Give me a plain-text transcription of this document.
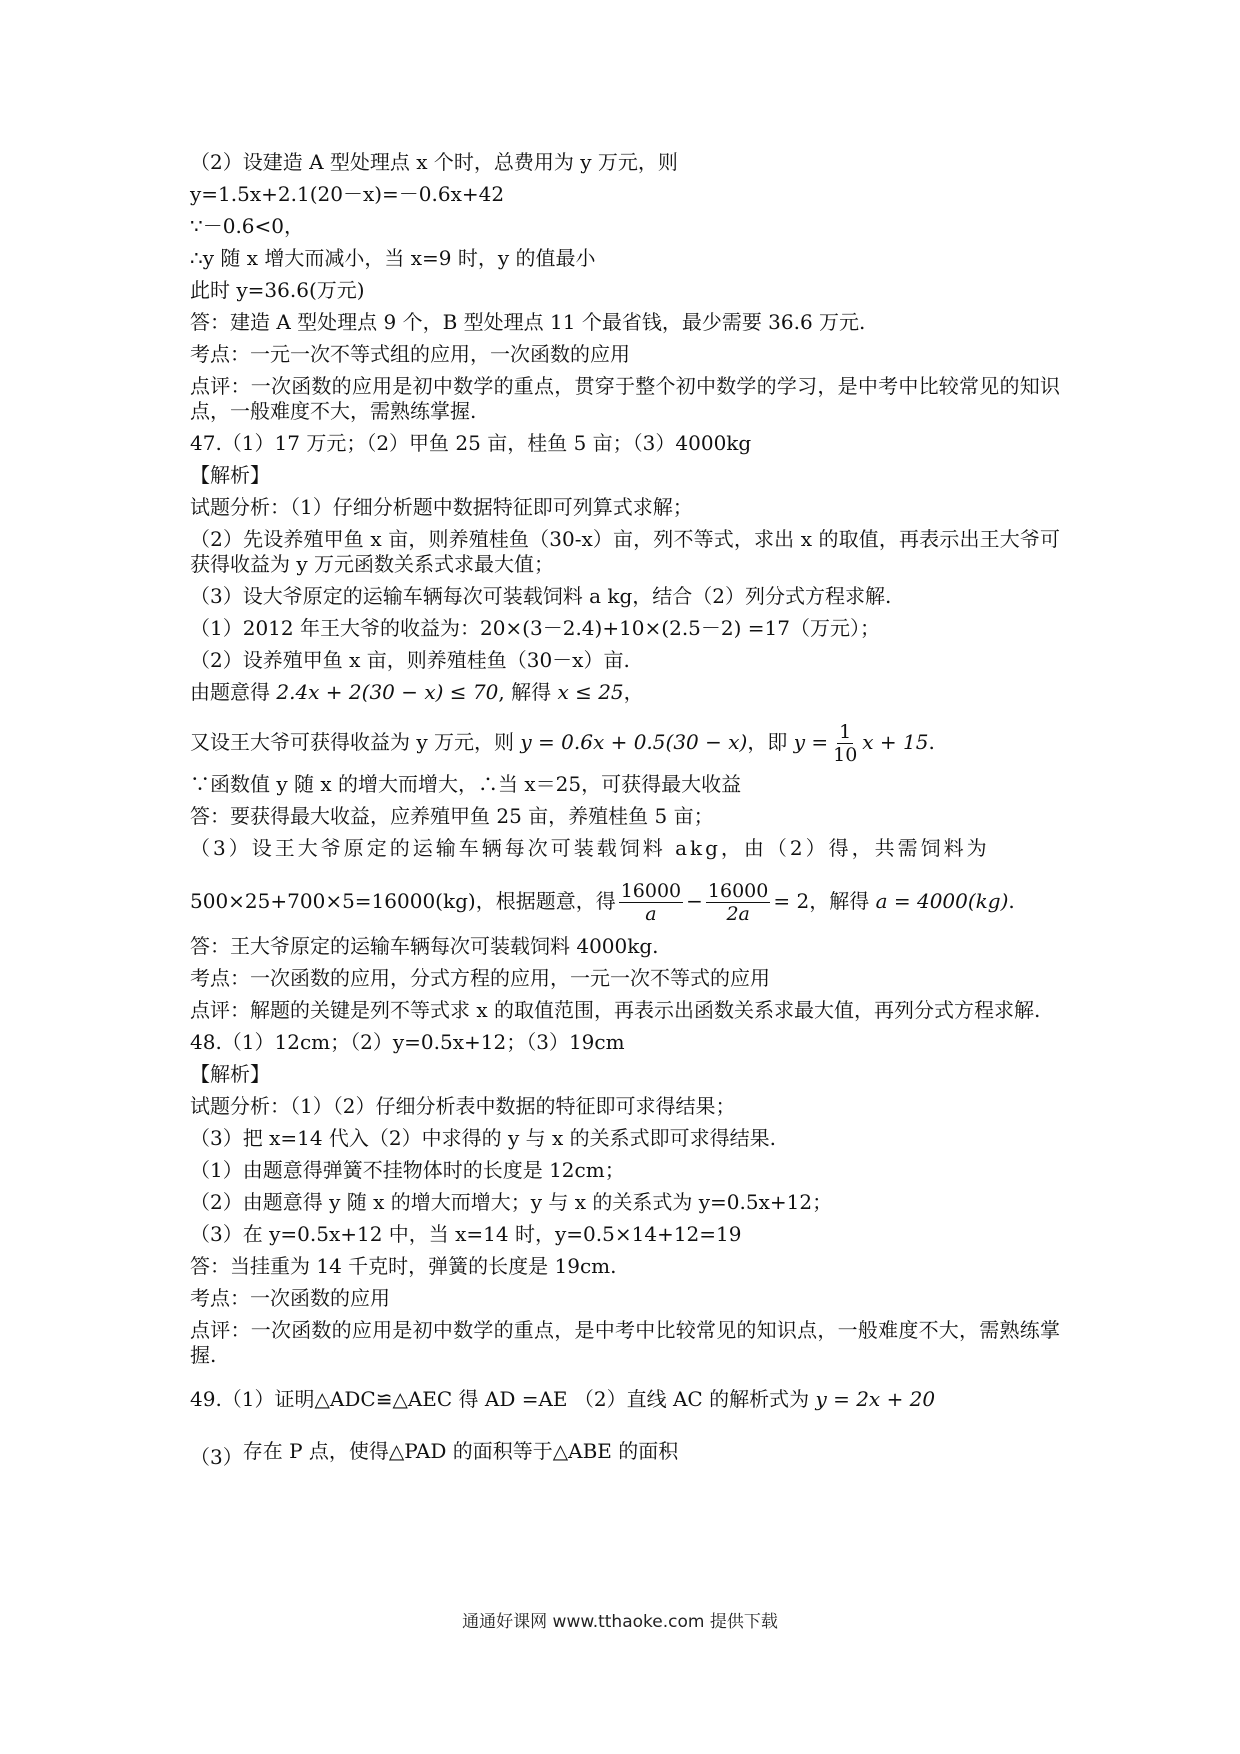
（2）设建造 A 型处理点 x 个时，总费用为 y 万元，则
y=1.5x+2.1(20－x)=－0.6x+42
∵－0.6<0，
∴y 随 x 增大而减小，当 x=9 时，y 的值最小
此时 y=36.6(万元)
答：建造 A 型处理点 9 个，B 型处理点 11 个最省钱，最少需要 36.6 万元.
考点：一元一次不等式组的应用，一次函数的应用
点评：一次函数的应用是初中数学的重点，贯穿于整个初中数学的学习，是中考中比较常见的知识点，一般难度不大，需熟练掌握.
47.（1）17 万元；（2）甲鱼 25 亩，桂鱼 5 亩；（3）4000kg
【解析】
试题分析：（1）仔细分析题中数据特征即可列算式求解；
（2）先设养殖甲鱼 x 亩，则养殖桂鱼（30-x）亩，列不等式，求出 x 的取值，再表示出王大爷可获得收益为 y 万元函数关系式求最大值；
（3）设大爷原定的运输车辆每次可装载饲料 a kg，结合（2）列分式方程求解.
（1）2012 年王大爷的收益为：20×(3－2.4)+10×(2.5－2) =17（万元）；
（2）设养殖甲鱼 x 亩，则养殖桂鱼（30－x）亩.
由题意得 2.4x + 2(30 − x) ≤ 70, 解得 x ≤ 25，
又设王大爷可获得收益为 y 万元，则 y = 0.6x + 0.5(30 − x)，即 $y = \frac{1}{10}$ x + 15.
∵函数值 y 随 x 的增大而增大，∴当 x＝25，可获得最大收益
答：要获得最大收益，应养殖甲鱼 25 亩，养殖桂鱼 5 亩；
（3）设王大爷原定的运输车辆每次可装载饲料 akg，由（2）得，共需饲料为
500×25+700×5=16000(kg)，根据题意，得 $\frac{16000}{a} - \frac{16000}{2a} = 2$，解得 a = 4000(kg).
答：王大爷原定的运输车辆每次可装载饲料 4000kg.
考点：一次函数的应用，分式方程的应用，一元一次不等式的应用
点评：解题的关键是列不等式求 x 的取值范围，再表示出函数关系求最大值，再列分式方程求解.
48.（1）12cm；（2）y=0.5x+12；（3）19cm
【解析】
试题分析：（1）（2）仔细分析表中数据的特征即可求得结果；
（3）把 x=14 代入（2）中求得的 y 与 x 的关系式即可求得结果.
（1）由题意得弹簧不挂物体时的长度是 12cm；
（2）由题意得 y 随 x 的增大而增大；y 与 x 的关系式为 y=0.5x+12；
（3）在 y=0.5x+12 中，当 x=14 时，y=0.5×14+12=19
答：当挂重为 14 千克时，弹簧的长度是 19cm.
考点：一次函数的应用
点评：一次函数的应用是初中数学的重点，是中考中比较常见的知识点，一般难度不大，需熟练掌握.
49.（1）证明△ADC≌△AEC 得 AD =AE （2）直线 AC 的解析式为 y = 2x + 20
（3）存在 P 点，使得△PAD 的面积等于△ABE 的面积
通通好课网 www.tthaoke.com 提供下载
